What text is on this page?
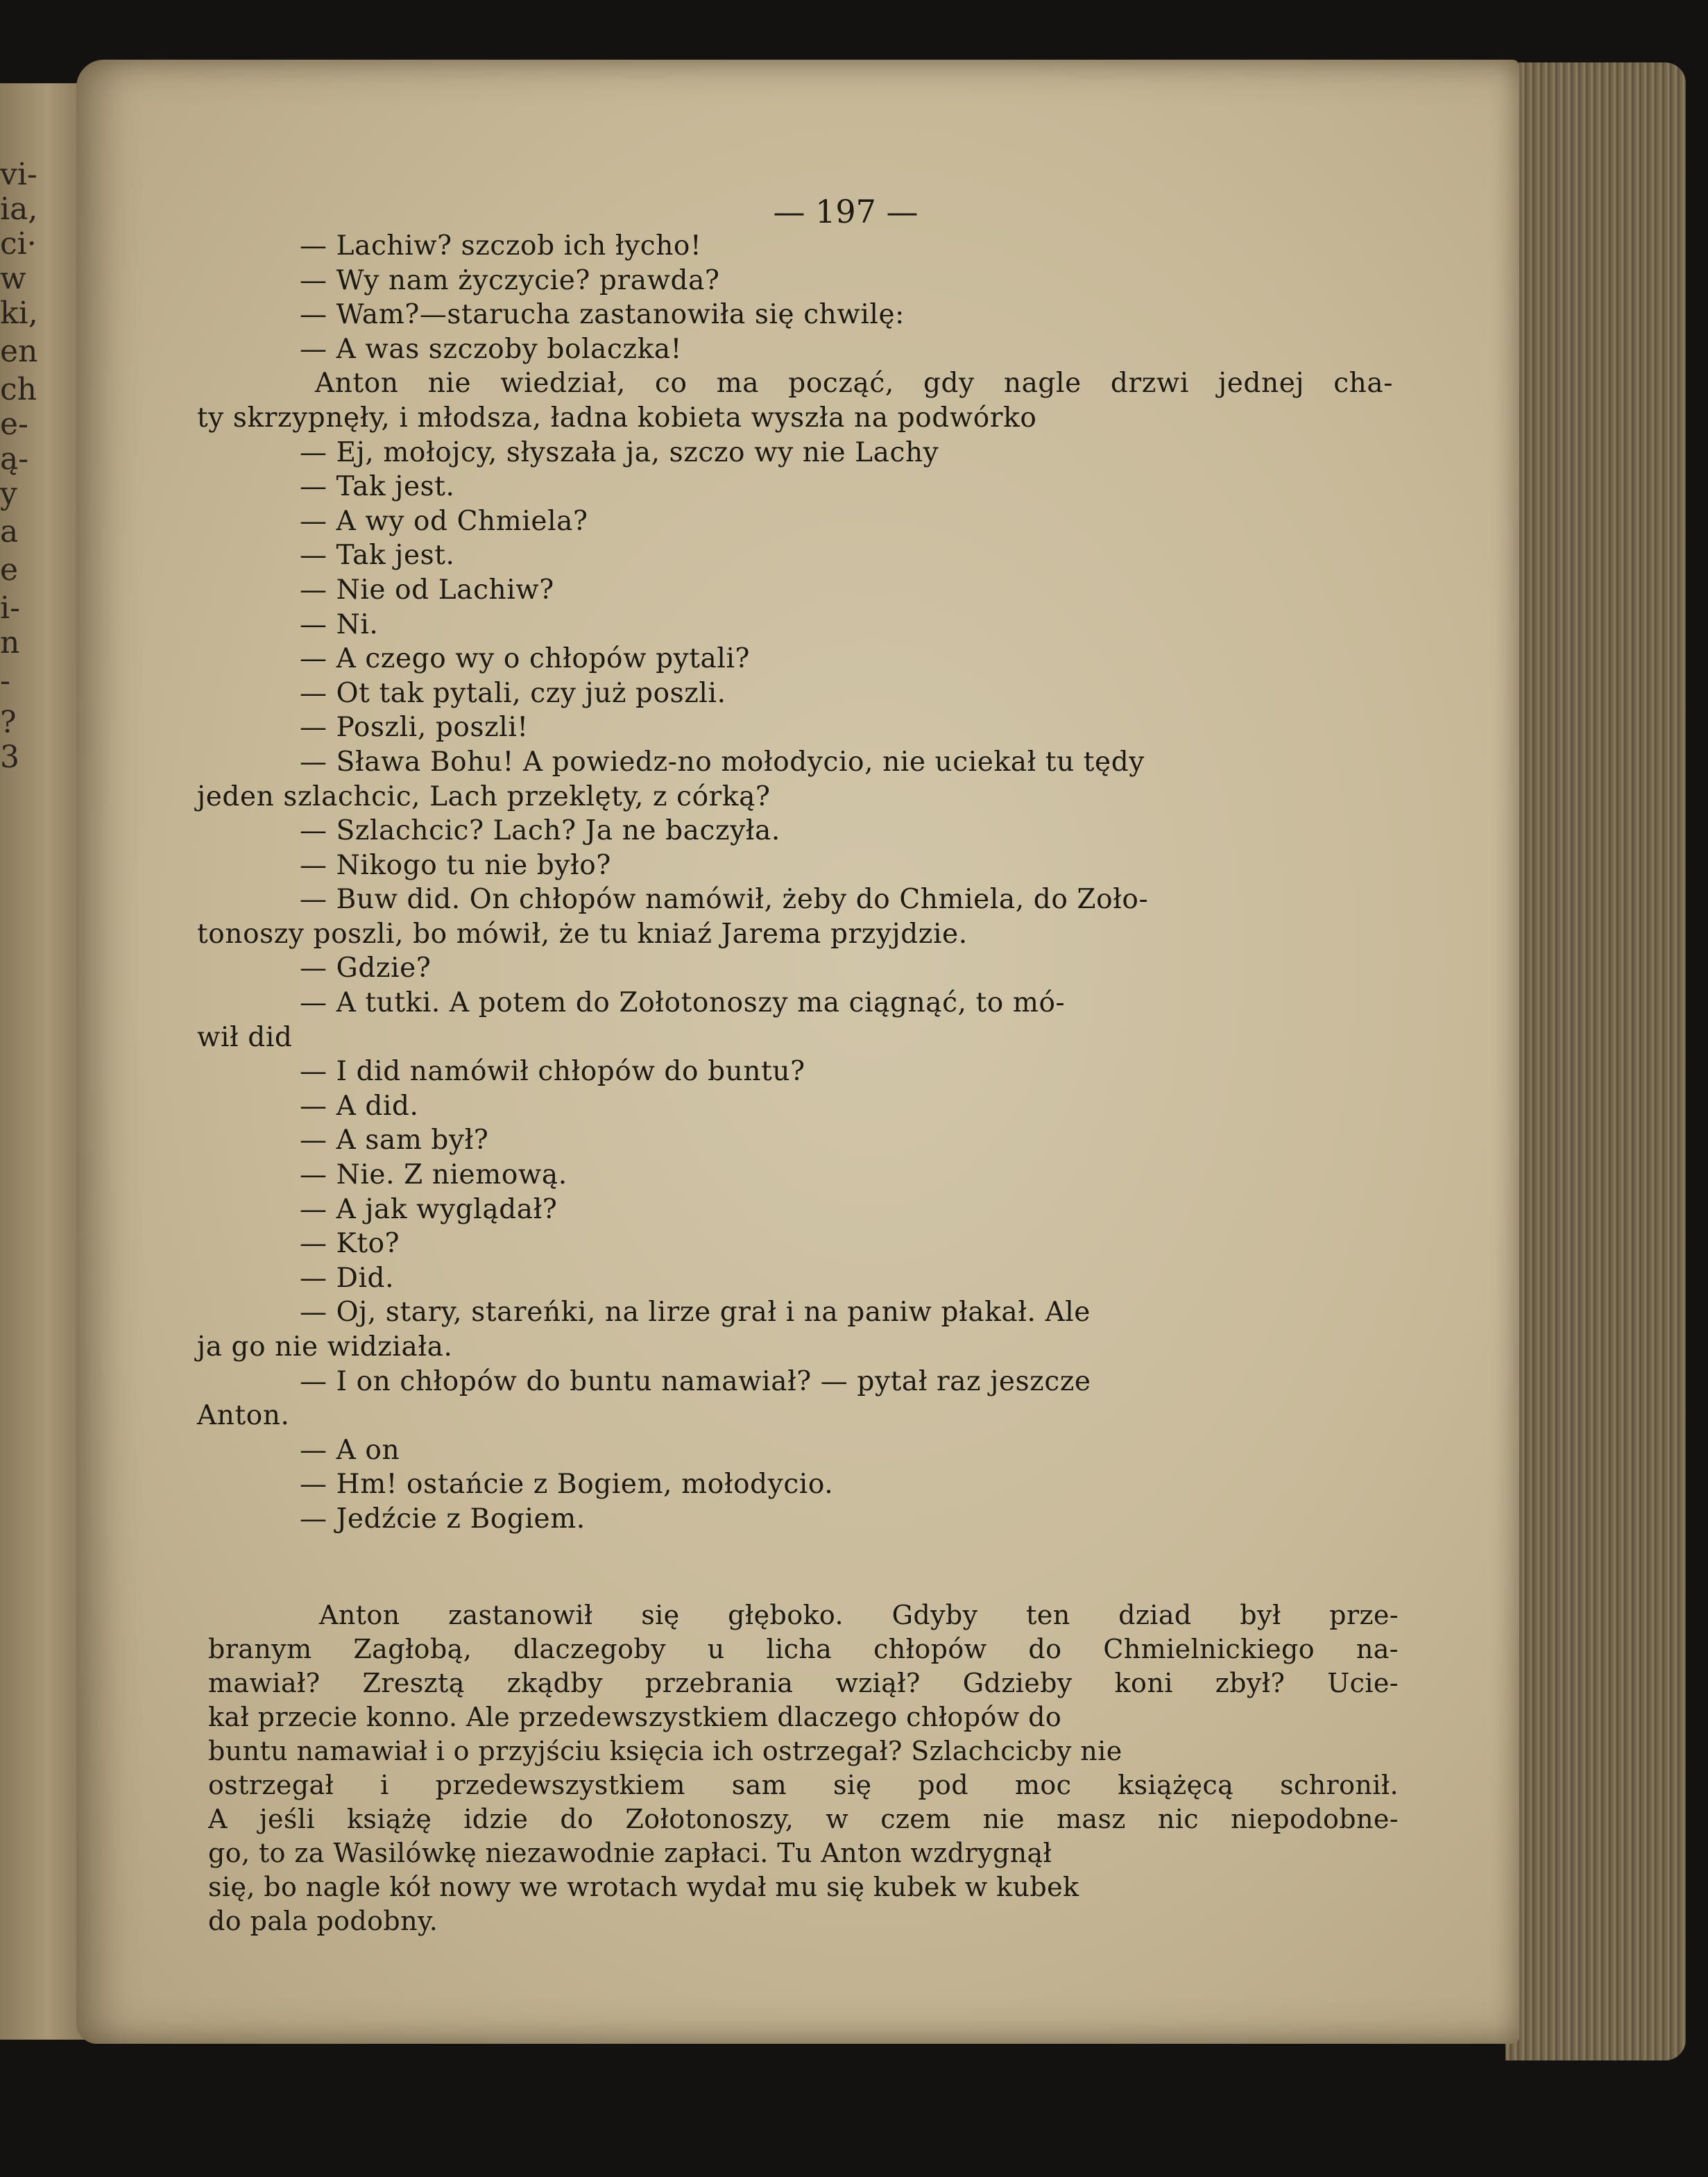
vi-
ia,
ci·
w
ki,
en
ch
e-
ą-
y
a
e
i-
n
-
?
3
— 197 —
— Lachiw? szczob ich łycho!
— Wy nam życzycie? prawda?
— Wam?—starucha zastanowiła się chwilę:
— A was szczoby bolaczka!
Anton nie wiedział, co ma począć, gdy nagle drzwi jednej cha-
ty skrzypnęły, i młodsza, ładna kobieta wyszła na podwórko
— Ej, mołojcy, słyszała ja, szczo wy nie Lachy
— Tak jest.
— A wy od Chmiela?
— Tak jest.
— Nie od Lachiw?
— Ni.
— A czego wy o chłopów pytali?
— Ot tak pytali, czy już poszli.
— Poszli, poszli!
— Sława Bohu! A powiedz-no mołodycio, nie uciekał tu tędy
jeden szlachcic, Lach przeklęty, z córką?
— Szlachcic? Lach? Ja ne baczyła.
— Nikogo tu nie było?
— Buw did. On chłopów namówił, żeby do Chmiela, do Zoło-
tonoszy poszli, bo mówił, że tu kniaź Jarema przyjdzie.
— Gdzie?
— A tutki. A potem do Zołotonoszy ma ciągnąć, to mó-
wił did
— I did namówił chłopów do buntu?
— A did.
— A sam był?
— Nie. Z niemową.
— A jak wyglądał?
— Kto?
— Did.
— Oj, stary, stareńki, na lirze grał i na paniw płakał. Ale
ja go nie widziała.
— I on chłopów do buntu namawiał? — pytał raz jeszcze
Anton.
— A on
— Hm! ostańcie z Bogiem, mołodycio.
— Jedźcie z Bogiem.
Anton zastanowił się głęboko. Gdyby ten dziad był prze-
branym Zagłobą, dlaczegoby u licha chłopów do Chmielnickiego na-
mawiał? Zresztą zkądby przebrania wziął? Gdzieby koni zbył? Ucie-
kał przecie konno. Ale przedewszystkiem dlaczego chłopów do
buntu namawiał i o przyjściu księcia ich ostrzegał? Szlachcicby nie
ostrzegał i przedewszystkiem sam się pod moc książęcą schronił.
A jeśli książę idzie do Zołotonoszy, w czem nie masz nic niepodobne-
go, to za Wasilówkę niezawodnie zapłaci. Tu Anton wzdrygnął
się, bo nagle kół nowy we wrotach wydał mu się kubek w kubek
do pala podobny.
